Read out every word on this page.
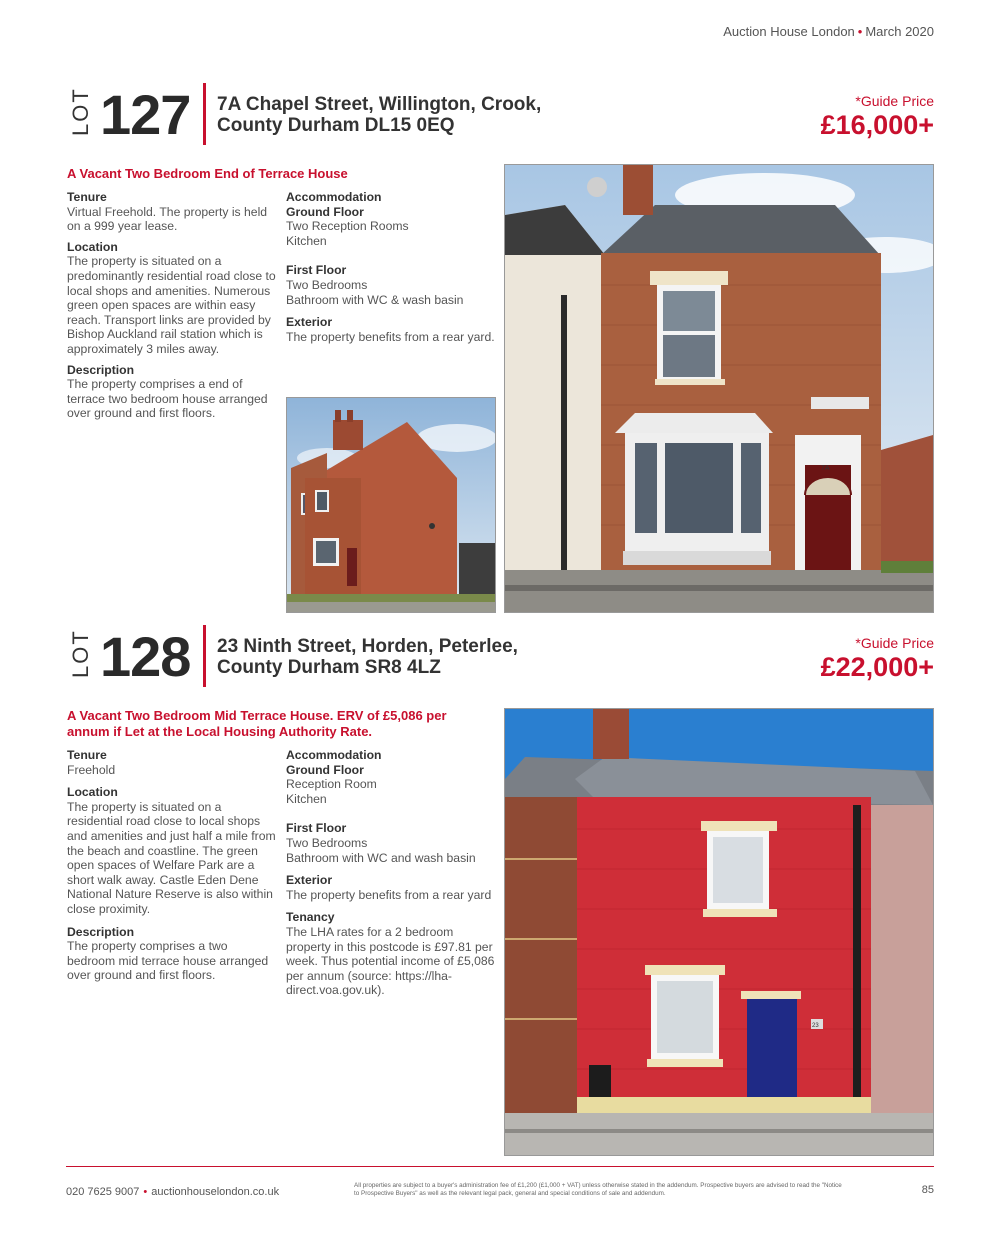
Auction House London • March 2020
LOT 127 7A Chapel Street, Willington, Crook,
County Durham DL15 0EQ
*Guide Price
£16,000+
A Vacant Two Bedroom End of Terrace House
Tenure

Virtual Freehold. The property is held on a 999 year lease.

Location

The property is situated on a predominantly residential road close to local shops and amenities. Numerous green open spaces are within easy reach. Transport links are provided by Bishop Auckland rail station which is approximately 3 miles away.

Description

The property comprises a end of terrace two bedroom house arranged over ground and first floors.

Accommodation
Ground Floor
Two Reception Rooms
Kitchen
First Floor
Two Bedrooms
Bathroom with WC & wash basin
Exterior

The property benefits from a rear yard.

7A
LOT 128 23 Ninth Street, Horden, Peterlee,
County Durham SR8 4LZ
*Guide Price
£22,000+
A Vacant Two Bedroom Mid Terrace House. ERV of £5,086 per annum if Let at the Local Housing Authority Rate.
Tenure

Freehold

Location

The property is situated on a residential road close to local shops and amenities and just half a mile from the beach and coastline. The green open spaces of Welfare Park are a short walk away. Castle Eden Dene National Nature Reserve is also within close proximity.

Description

The property comprises a two bedroom mid terrace house arranged over ground and first floors.

Accommodation
Ground Floor
Reception Room
Kitchen
First Floor
Two Bedrooms
Bathroom with WC and wash basin
Exterior

The property benefits from a rear yard

Tenancy

The LHA rates for a 2 bedroom property in this postcode is £97.81 per week. Thus potential income of £5,086 per annum (source: https://lha-direct.voa.gov.uk).

23
020 7625 9007 • auctionhouselondon.co.uk
All properties are subject to a buyer's administration fee of £1,200 (£1,000 + VAT) unless otherwise stated in the addendum. Prospective buyers are advised to read the "Notice to Prospective Buyers" as well as the relevant legal pack, general and special conditions of sale and addendum.	85
